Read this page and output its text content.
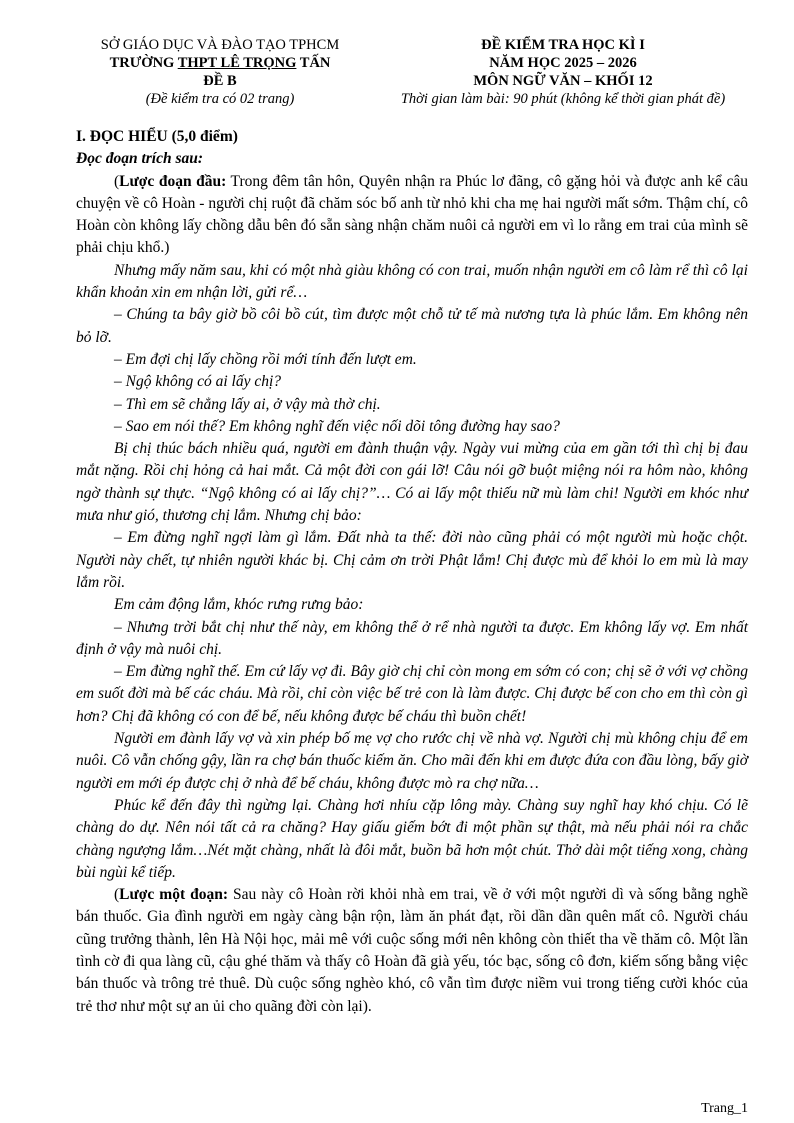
SỞ GIÁO DỤC VÀ ĐÀO TẠO TPHCM
TRƯỜNG THPT LÊ TRỌNG TẤN
ĐỀ B
(Đề kiểm tra có 02 trang)
ĐỀ KIỂM TRA HỌC KÌ I
NĂM HỌC 2025 – 2026
MÔN NGỮ VĂN – KHỐI 12
Thời gian làm bài: 90 phút (không kể thời gian phát đề)

I. ĐỌC HIỂU (5,0 điểm)

Đọc đoạn trích sau:

(Lược đoạn đầu: Trong đêm tân hôn, Quyên nhận ra Phúc lơ đãng, cô gặng hỏi và được anh kể câu chuyện về cô Hoàn - người chị ruột đã chăm sóc bố anh từ nhỏ khi cha mẹ hai người mất sớm. Thậm chí, cô Hoàn còn không lấy chồng dẫu bên đó sẵn sàng nhận chăm nuôi cả người em vì lo rằng em trai của mình sẽ phải chịu khổ.)

Nhưng mấy năm sau, khi có một nhà giàu không có con trai, muốn nhận người em cô làm rể thì cô lại khẩn khoản xin em nhận lời, gửi rể…

– Chúng ta bây giờ bồ côi bồ cút, tìm được một chỗ tử tế mà nương tựa là phúc lắm. Em không nên bỏ lỡ.

– Em đợi chị lấy chồng rồi mới tính đến lượt em.

– Ngộ không có ai lấy chị?

– Thì em sẽ chẳng lấy ai, ở vậy mà thờ chị.

– Sao em nói thế? Em không nghĩ đến việc nối dõi tông đường hay sao?

Bị chị thúc bách nhiều quá, người em đành thuận vậy. Ngày vui mừng của em gần tới thì chị bị đau mắt nặng. Rồi chị hỏng cả hai mắt. Cả một đời con gái lỡ! Câu nói gỡ buột miệng nói ra hôm nào, không ngờ thành sự thực. “Ngộ không có ai lấy chị?”… Có ai lấy một thiếu nữ mù làm chi! Người em khóc như mưa như gió, thương chị lắm. Nhưng chị bảo:

– Em đừng nghĩ ngợi làm gì lắm. Đất nhà ta thế: đời nào cũng phải có một người mù hoặc chột. Người này chết, tự nhiên người khác bị. Chị cảm ơn trời Phật lắm! Chị được mù để khỏi lo em mù là may lắm rồi.

Em cảm động lắm, khóc rưng rưng bảo:

– Nhưng trời bắt chị như thế này, em không thể ở rể nhà người ta được. Em không lấy vợ. Em nhất định ở vậy mà nuôi chị.

– Em đừng nghĩ thế. Em cứ lấy vợ đi. Bây giờ chị chỉ còn mong em sớm có con; chị sẽ ở với vợ chồng em suốt đời mà bế các cháu. Mà rồi, chỉ còn việc bế trẻ con là làm được. Chị được bế con cho em thì còn gì hơn? Chị đã không có con để bế, nếu không được bế cháu thì buồn chết!

Người em đành lấy vợ và xin phép bố mẹ vợ cho rước chị về nhà vợ. Người chị mù không chịu để em nuôi. Cô vẫn chống gậy, lần ra chợ bán thuốc kiếm ăn. Cho mãi đến khi em được đứa con đầu lòng, bấy giờ người em mới ép được chị ở nhà để bế cháu, không được mò ra chợ nữa…

Phúc kể đến đây thì ngừng lại. Chàng hơi nhíu cặp lông mày. Chàng suy nghĩ hay khó chịu. Có lẽ chàng do dự. Nên nói tất cả ra chăng? Hay giấu giếm bớt đi một phần sự thật, mà nếu phải nói ra chắc chàng ngượng lắm…Nét mặt chàng, nhất là đôi mắt, buồn bã hơn một chút. Thở dài một tiếng xong, chàng bùi ngùi kể tiếp.

(Lược một đoạn: Sau này cô Hoàn rời khỏi nhà em trai, về ở với một người dì và sống bằng nghề bán thuốc. Gia đình người em ngày càng bận rộn, làm ăn phát đạt, rồi dần dần quên mất cô. Người cháu cũng trưởng thành, lên Hà Nội học, mải mê với cuộc sống mới nên không còn thiết tha về thăm cô. Một lần tình cờ đi qua làng cũ, cậu ghé thăm và thấy cô Hoàn đã già yếu, tóc bạc, sống cô đơn, kiếm sống bằng việc bán thuốc và trông trẻ thuê. Dù cuộc sống nghèo khó, cô vẫn tìm được niềm vui trong tiếng cười khóc của trẻ thơ như một sự an ủi cho quãng đời còn lại).

Trang_1
